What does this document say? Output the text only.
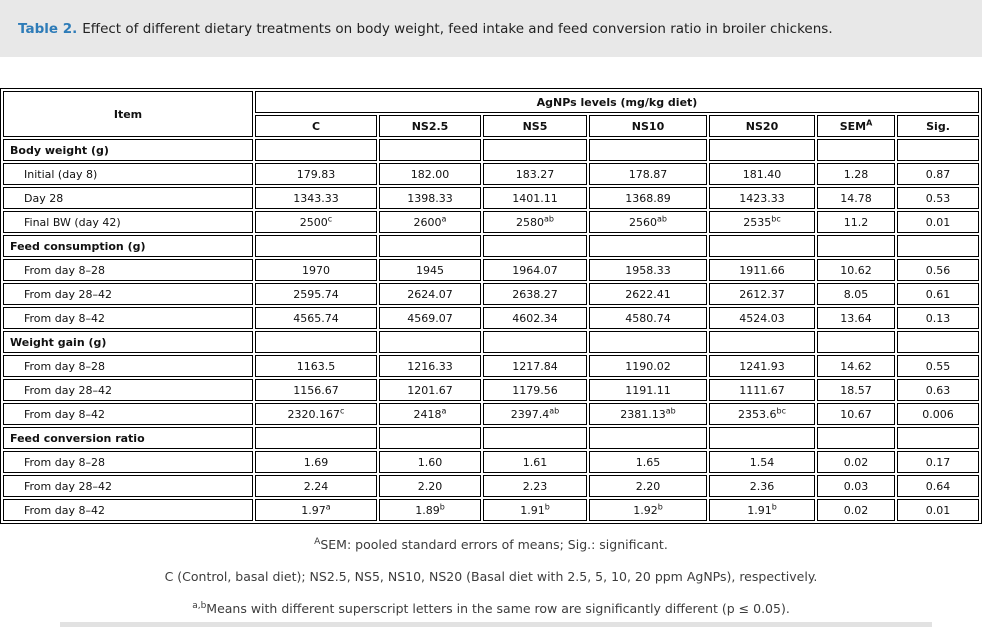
Table 2. Effect of different dietary treatments on body weight, feed intake and feed conversion ratio in broiler chickens.
Item	AgNPs levels (mg/kg diet)						
	C	NS2.5	NS5	NS10	NS20	$SEM^A$	Sig.
Body weight (g)							
Initial (day 8)	179.83	182.00	183.27	178.87	181.40	1.28	0.87
Day 28	1343.33	1398.33	1401.11	1368.89	1423.33	14.78	0.53
Final BW (day 42)	2500$^c$	2600$^a$	$2580^{ab}$	$2560^{ab}$	$2535^{bc}$	11.2	0.01
Feed consumption (g)							
From day 8–28	1970	1945	1964.07	1958.33	1911.66	10.62	0.56
From day 28–42	2595.74	2624.07	2638.27	2622.41	2612.37	8.05	0.61
From day 8–42	4565.74	4569.07	4602.34	4580.74	4524.03	13.64	0.13
Weight gain (g)							
From day 8–28	1163.5	1216.33	1217.84	1190.02	1241.93	14.62	0.55
From day 28–42	1156.67	1201.67	1179.56	1191.11	1111.67	18.57	0.63
From day 8–42	2320.167$^c$	2418$^a$	2397.4$^{ab}$	2381.13$^{ab}$	2353.6$^{bc}$	10.67	0.006
Feed conversion ratio							
From day 8–28	1.69	1.60	1.61	1.65	1.54	0.02	0.17
From day 28–42	2.24	2.20	2.23	2.20	2.36	0.03	0.64
From day 8–42	1.97$^a$	1.89$^b$	1.91$^b$	1.92$^b$	1.91$^b$	0.02	0.01

$^A$SEM: pooled standard errors of means; Sig.: significant.

C (Control, basal diet); NS2.5, NS5, NS10, NS20 (Basal diet with 2.5, 5, 10, 20 ppm AgNPs), respectively.

$^{a,b}$Means with different superscript letters in the same row are significantly different (p ≤ 0.05).
